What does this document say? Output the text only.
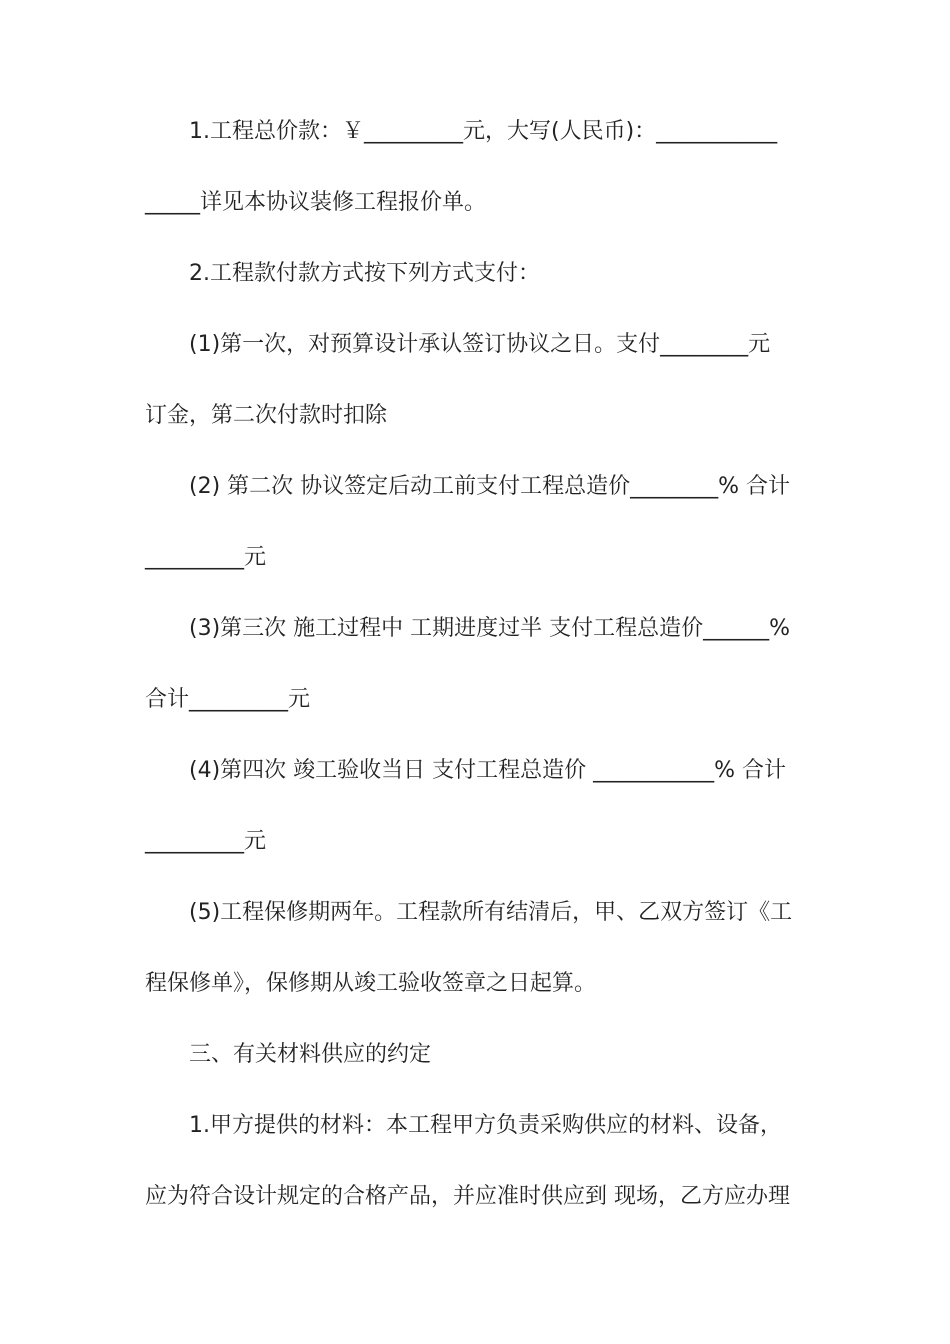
1.工程总价款：￥_________元，大写(人民币)：___________
_____详见本协议装修工程报价单。
2.工程款付款方式按下列方式支付：
(1)第一次，对预算设计承认签订协议之日。支付________元
订金，第二次付款时扣除
(2) 第二次 协议签定后动工前支付工程总造价________% 合计
_________元
(3)第三次 施工过程中 工期进度过半 支付工程总造价______%
合计_________元
(4)第四次 竣工验收当日 支付工程总造价 ___________% 合计
_________元
(5)工程保修期两年。工程款所有结清后，甲、乙双方签订《工
程保修单》，保修期从竣工验收签章之日起算。
三、有关材料供应的约定
1.甲方提供的材料：本工程甲方负责采购供应的材料、设备，
应为符合设计规定的合格产品，并应准时供应到 现场，乙方应办理
